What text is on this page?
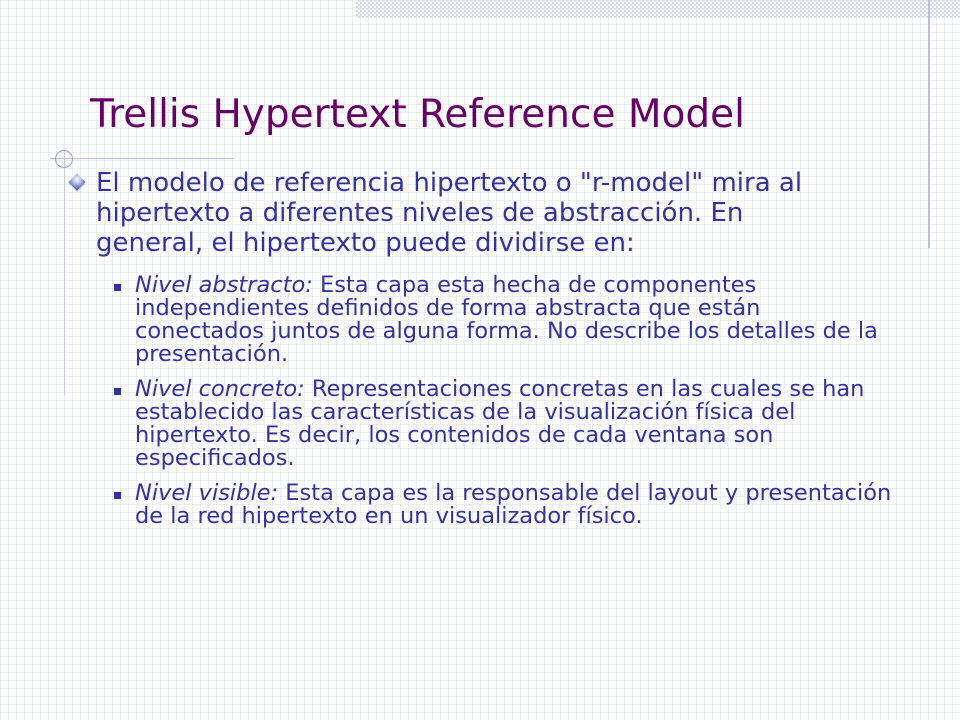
Trellis Hypertext Reference Model
El modelo de referencia hipertexto o "r-model" mira al hipertexto a diferentes niveles de abstracción. En general, el hipertexto puede dividirse en:
Nivel abstracto: Esta capa esta hecha de componentes independientes definidos de forma abstracta que están conectados juntos de alguna forma. No describe los detalles de la presentación.
Nivel concreto: Representaciones concretas en las cuales se han establecido las características de la visualización física del hipertexto. Es decir, los contenidos de cada ventana son especificados.
Nivel visible: Esta capa es la responsable del layout y presentación de la red hipertexto en un visualizador físico.
